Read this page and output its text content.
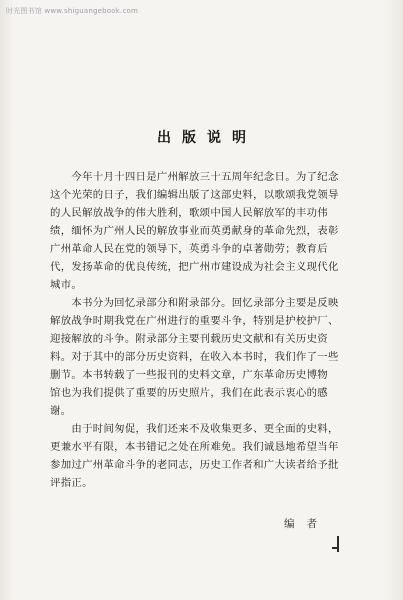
时光图书馆 www.shiguangebook.com
出版说明

　　今年十月十四日是广州解放三十五周年纪念日。为了纪念
这个光荣的日子，我们编辑出版了这部史料，以歌颂我党领导
的人民解放战争的伟大胜利，歌颂中国人民解放军的丰功伟
绩，缅怀为广州人民的解放事业而英勇献身的革命先烈，表彰
广州革命人民在党的领导下，英勇斗争的卓著勋劳；教育后
代，发扬革命的优良传统，把广州市建设成为社会主义现代化
城市。

　　本书分为回忆录部分和附录部分。回忆录部分主要是反映
解放战争时期我党在广州进行的重要斗争，特别是护校护厂、
迎接解放的斗争。附录部分主要刊载历史文献和有关历史资
料。对于其中的部分历史资料，在收入本书时，我们作了一些
删节。本书转载了一些报刊的史料文章，广东革命历史博物
馆也为我们提供了重要的历史照片，我们在此表示衷心的感
谢。

　　由于时间匆促，我们还来不及收集更多、更全面的史料，
更兼水平有限，本书错记之处在所难免。我们诚恳地希望当年
参加过广州革命斗争的老同志，历史工作者和广大读者给予批
评指正。

编者
